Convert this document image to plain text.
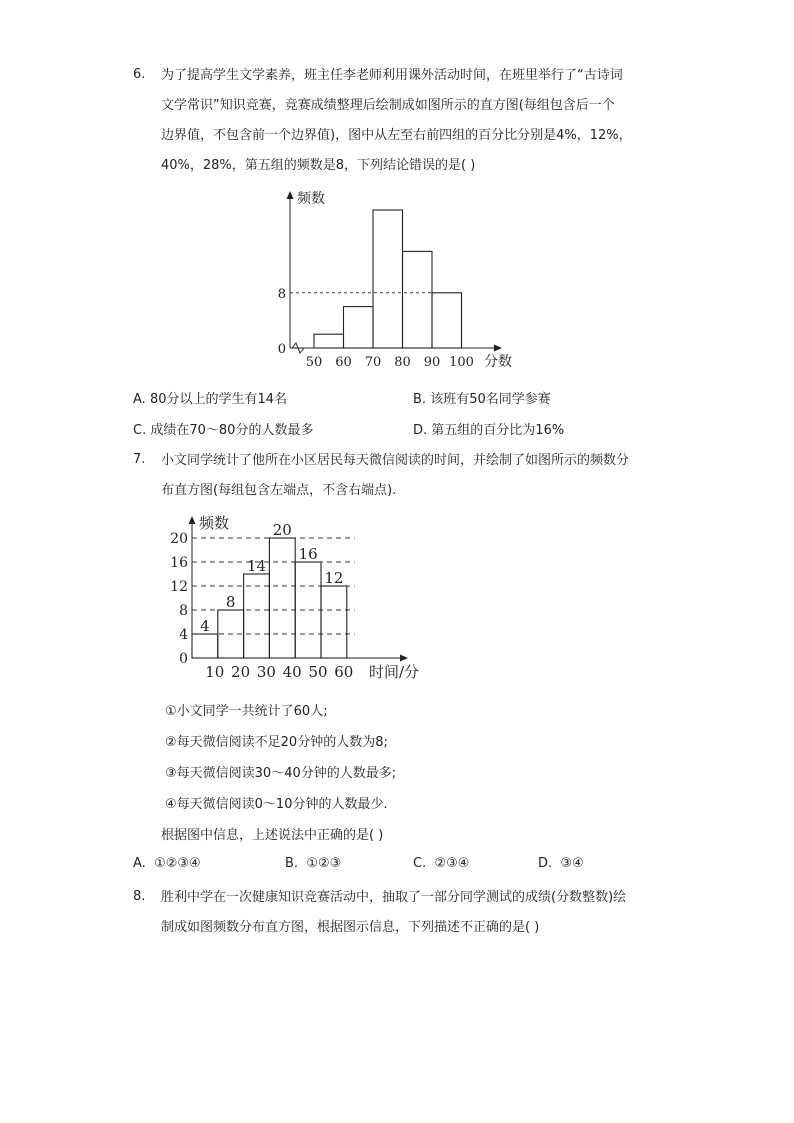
6. 为了提高学生文学素养，班主任李老师利用课外活动时间，在班里举行了“古诗词
文学常识”知识竞赛，竞赛成绩整理后绘制成如图所示的直方图(每组包含后一个
边界值，不包含前一个边界值)，图中从左至右前四组的百分比分别是4%，12%，
40%，28%，第五组的频数是8，下列结论错误的是( )
频数
分数
0
8
50 60 70 80 90 100
A. 80分以上的学生有14名	B. 该班有50名同学参赛
C. 成绩在70～80分的人数最多	D. 第五组的百分比为16%
7. 小文同学统计了他所在小区居民每天微信阅读的时间，并绘制了如图所示的频数分
布直方图(每组包含左端点，不含右端点).
0
4
8
12
16
20
频数
时间/分
4
8
14
20
16
12
10 20 30 40 50 60
①小文同学一共统计了60人;
②每天微信阅读不足20分钟的人数为8;
③每天微信阅读30～40分钟的人数最多;
④每天微信阅读0～10分钟的人数最少.
根据图中信息，上述说法中正确的是( )
A. ①②③④	B. ①②③	C. ②③④	D. ③④
8. 胜利中学在一次健康知识竞赛活动中，抽取了一部分同学测试的成绩(分数整数)绘
制成如图频数分布直方图，根据图示信息，下列描述不正确的是( )
